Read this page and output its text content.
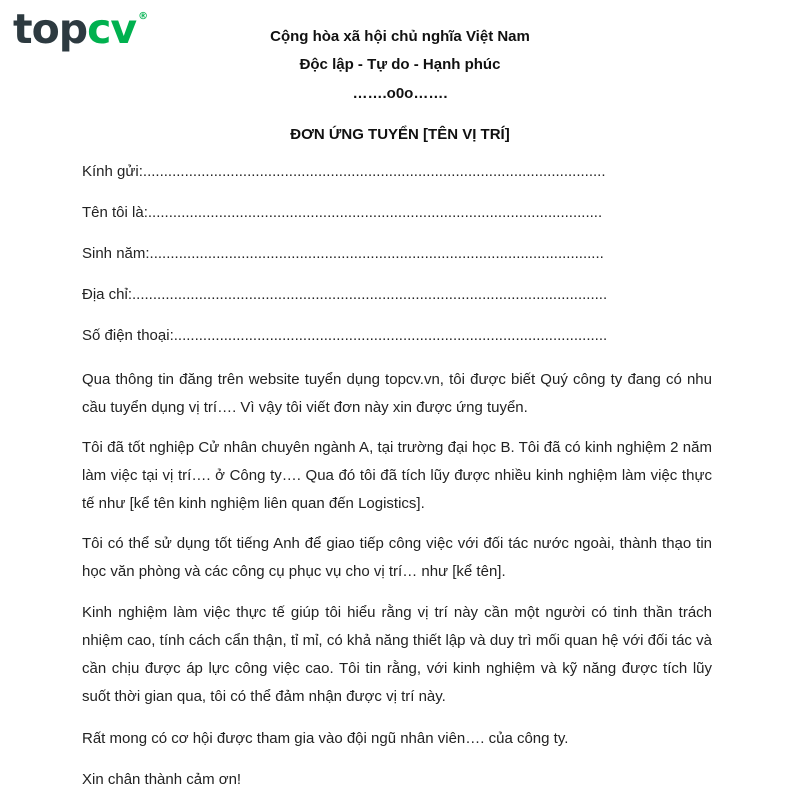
topcv ®
Cộng hòa xã hội chủ nghĩa Việt Nam
Độc lập - Tự do - Hạnh phúc
…….o0o…….
ĐƠN ỨNG TUYỂN [TÊN VỊ TRÍ]
Kính gửi:...............................................................................................................
Tên tôi là:.............................................................................................................
Sinh năm:.............................................................................................................
Địa chỉ:..................................................................................................................
Số điện thoại:........................................................................................................
Qua thông tin đăng trên website tuyển dụng topcv.vn, tôi được biết Quý công ty đang có nhu cầu tuyển dụng vị trí…. Vì vậy tôi viết đơn này xin được ứng tuyển.
Tôi đã tốt nghiệp Cử nhân chuyên ngành A, tại trường đại học B. Tôi đã có kinh nghiệm 2 năm làm việc tại vị trí…. ở Công ty…. Qua đó tôi đã tích lũy được nhiều kinh nghiệm làm việc thực tế như [kể tên kinh nghiệm liên quan đến Logistics].
Tôi có thể sử dụng tốt tiếng Anh để giao tiếp công việc với đối tác nước ngoài, thành thạo tin học văn phòng và các công cụ phục vụ cho vị trí… như [kể tên].
Kinh nghiệm làm việc thực tế giúp tôi hiểu rằng vị trí này cần một người có tinh thần trách nhiệm cao, tính cách cẩn thận, tỉ mỉ, có khả năng thiết lập và duy trì mối quan hệ với đối tác và cần chịu được áp lực công việc cao. Tôi tin rằng, với kinh nghiệm và kỹ năng được tích lũy suốt thời gian qua, tôi có thể đảm nhận được vị trí này.
Rất mong có cơ hội được tham gia vào đội ngũ nhân viên…. của công ty.
Xin chân thành cảm ơn!
